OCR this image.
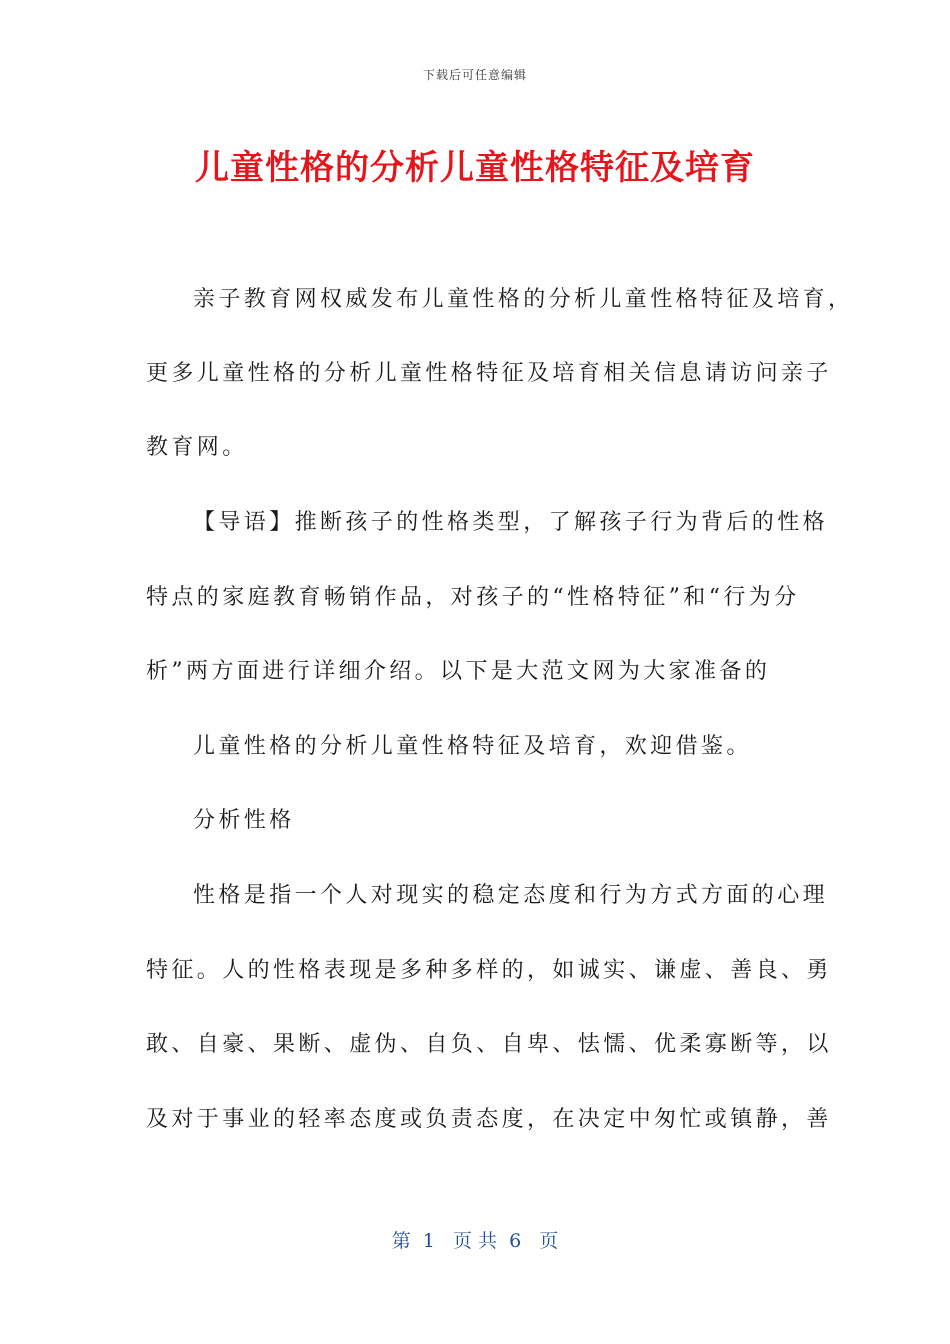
下载后可任意编辑
儿童性格的分析儿童性格特征及培育
亲子教育网权威发布儿童性格的分析儿童性格特征及培育，
更多儿童性格的分析儿童性格特征及培育相关信息请访问亲子
教育网。
【导语】推断孩子的性格类型，了解孩子行为背后的性格
特点的家庭教育畅销作品，对孩子的“性格特征”和“行为分
析”两方面进行详细介绍。以下是大范文网为大家准备的
儿童性格的分析儿童性格特征及培育，欢迎借鉴。
分析性格
性格是指一个人对现实的稳定态度和行为方式方面的心理
特征。人的性格表现是多种多样的，如诚实、谦虚、善良、勇
敢、自豪、果断、虚伪、自负、自卑、怯懦、优柔寡断等，以
及对于事业的轻率态度或负责态度，在决定中匆忙或镇静，善
第  1   页 共  6   页
